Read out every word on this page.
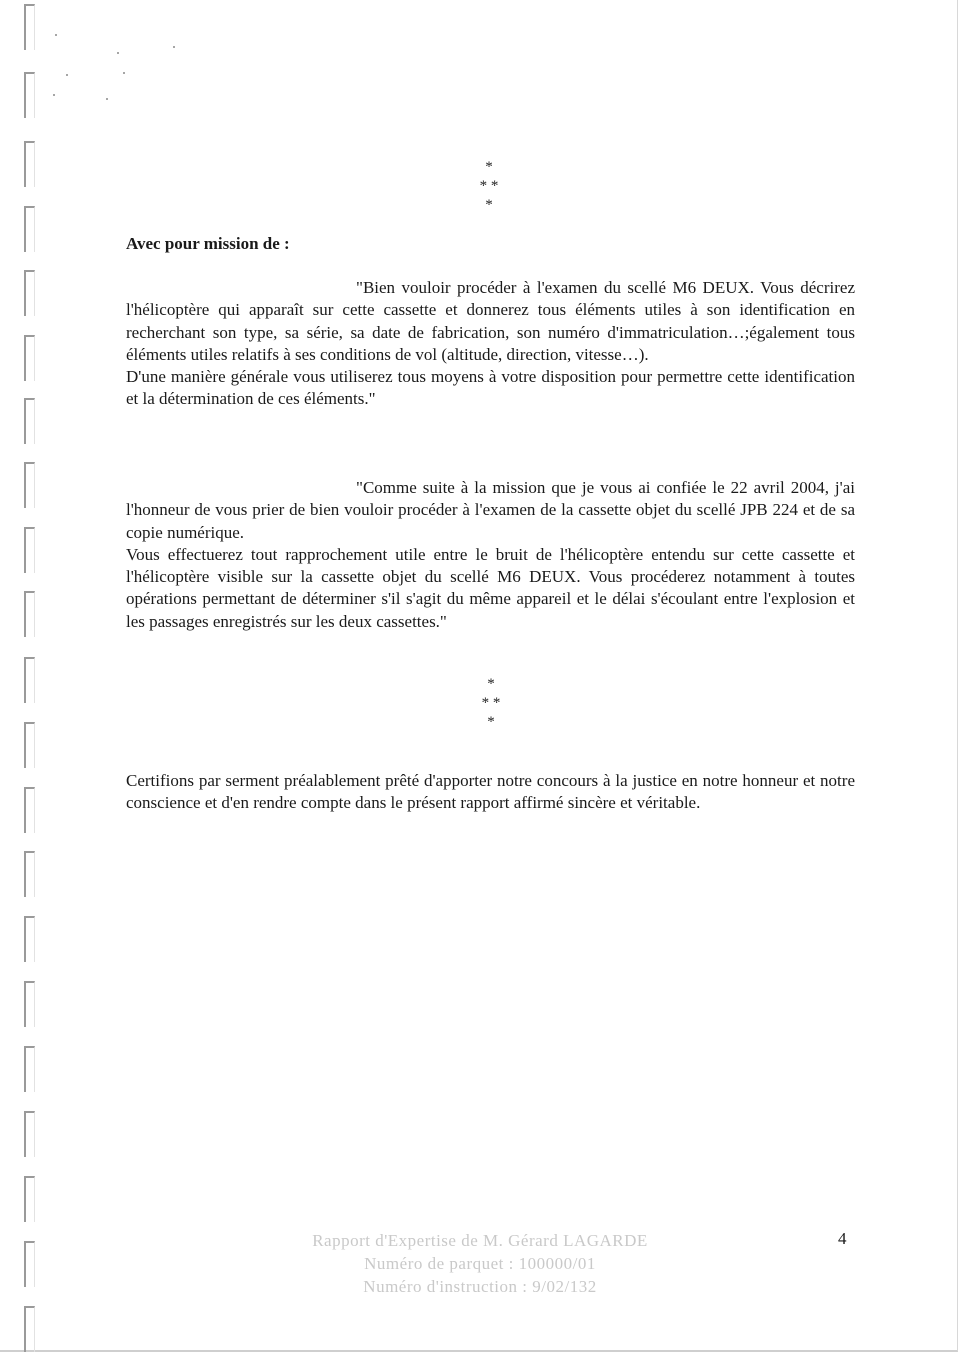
*
* *
*
Avec pour mission de :
"Bien vouloir procéder à l'examen du scellé M6 DEUX. Vous décrirez l'hélicoptère qui apparaît sur cette cassette et donnerez tous éléments utiles à son identification en recherchant son type, sa série, sa date de fabrication, son numéro d'immatriculation…;également tous éléments utiles relatifs à ses conditions de vol (altitude, direction, vitesse…).
D'une manière générale vous utiliserez tous moyens à votre disposition pour permettre cette identification et la détermination de ces éléments."
"Comme suite à la mission que je vous ai confiée le 22 avril 2004, j'ai l'honneur de vous prier de bien vouloir procéder à l'examen de la cassette objet du scellé JPB 224 et de sa copie numérique.
Vous effectuerez tout rapprochement utile entre le bruit de l'hélicoptère entendu sur cette cassette et l'hélicoptère visible sur la cassette objet du scellé M6 DEUX. Vous procéderez notamment à toutes opérations permettant de déterminer s'il s'agit du même appareil et le délai s'écoulant entre l'explosion et les passages enregistrés sur les deux cassettes."
*
* *
*

Certifions par serment préalablement prêté d'apporter notre concours à la justice en notre honneur et notre conscience et d'en rendre compte dans le présent rapport affirmé sincère et véritable.

Rapport d'Expertise de M. Gérard LAGARDE
Numéro de parquet : 100000/01
Numéro d'instruction : 9/02/132
4
